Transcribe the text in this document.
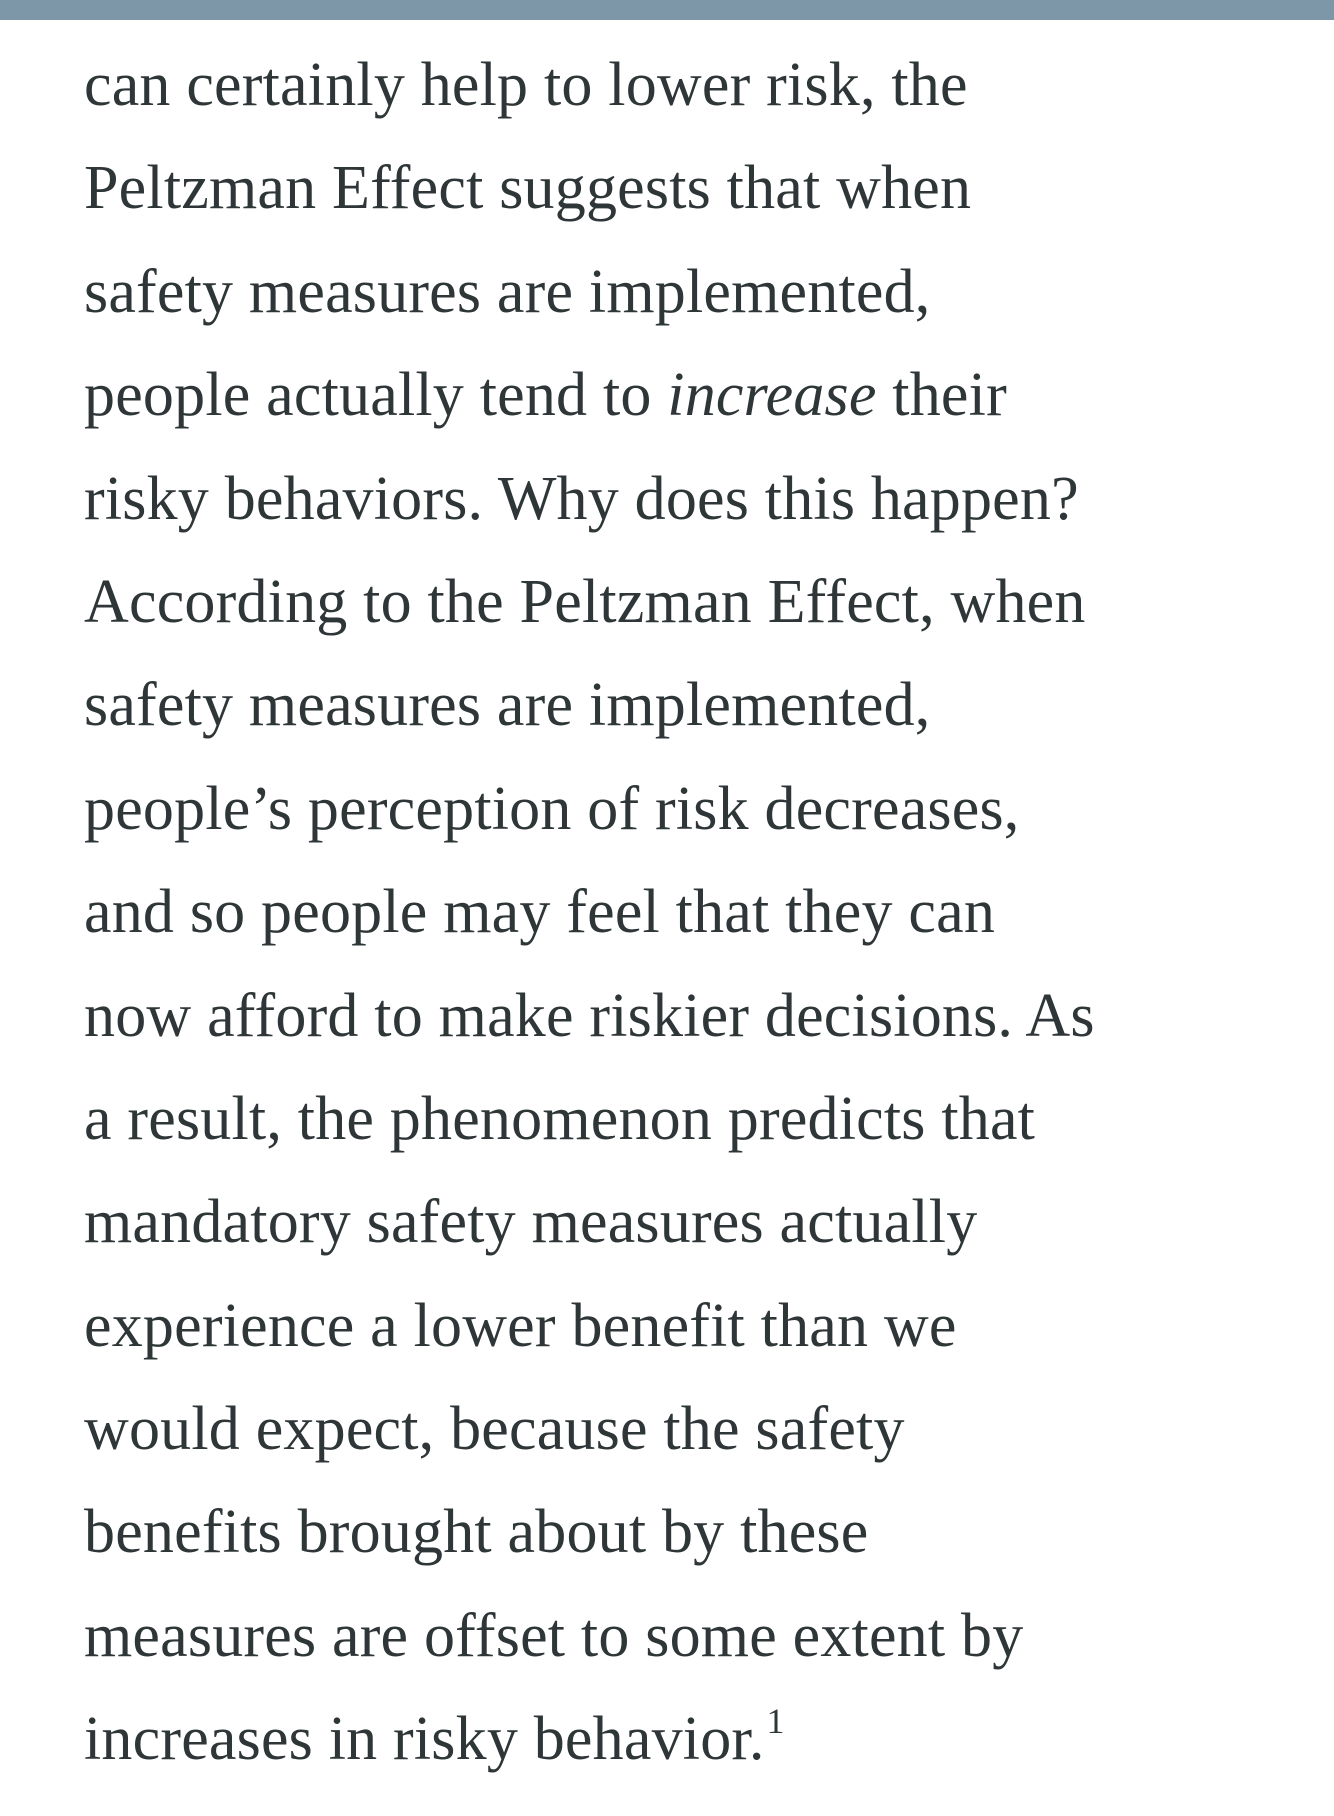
can certainly help to lower risk, the
Peltzman Effect suggests that when
safety measures are implemented,
people actually tend to increase their
risky behaviors. Why does this happen?
According to the Peltzman Effect, when
safety measures are implemented,
people’s perception of risk decreases,
and so people may feel that they can
now afford to make riskier decisions. As
a result, the phenomenon predicts that
mandatory safety measures actually
experience a lower benefit than we
would expect, because the safety
benefits brought about by these
measures are offset to some extent by
increases in risky behavior.$^1$
